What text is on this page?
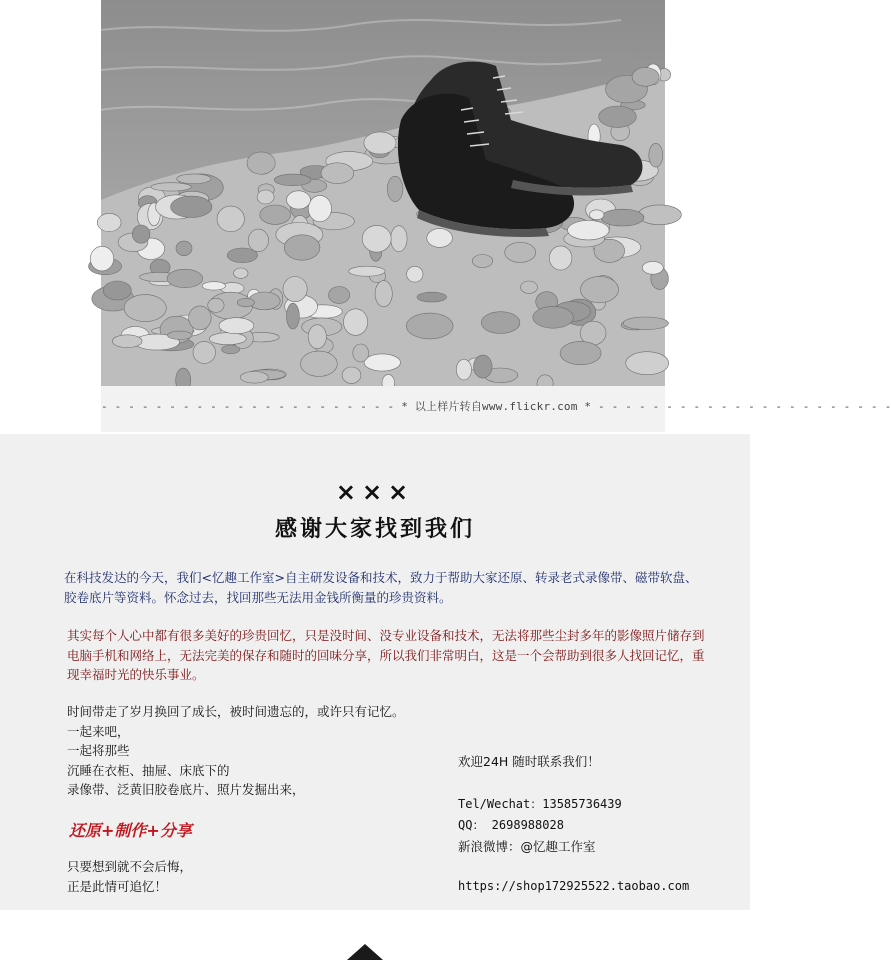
- - - - - - - - - - - - - - - - - - - - - - * 以上样片转自www.flickr.com * - - - - - - - - - - - - - - - - - - - - - -
×××
感谢大家找到我们
在科技发达的今天，我们<忆趣工作室>自主研发设备和技术，致力于帮助大家还原、转录老式录像带、磁带软盘、胶卷底片等资料。怀念过去，找回那些无法用金钱所衡量的珍贵资料。
其实每个人心中都有很多美好的珍贵回忆，只是没时间、没专业设备和技术，无法将那些尘封多年的影像照片储存到电脑手机和网络上，无法完美的保存和随时的回味分享，所以我们非常明白，这是一个会帮助到很多人找回记忆，重现幸福时光的快乐事业。
时间带走了岁月换回了成长，被时间遗忘的，或许只有记忆。
一起来吧，
一起将那些
沉睡在衣柜、抽屉、床底下的
录像带、泛黄旧胶卷底片、照片发掘出来，
还原+制作+分享
只要想到就不会后悔，
正是此情可追忆！
欢迎24H 随时联系我们！
Tel/Wechat：13585736439
QQ： 2698988028
新浪微博：@忆趣工作室
https://shop172925522.taobao.com
